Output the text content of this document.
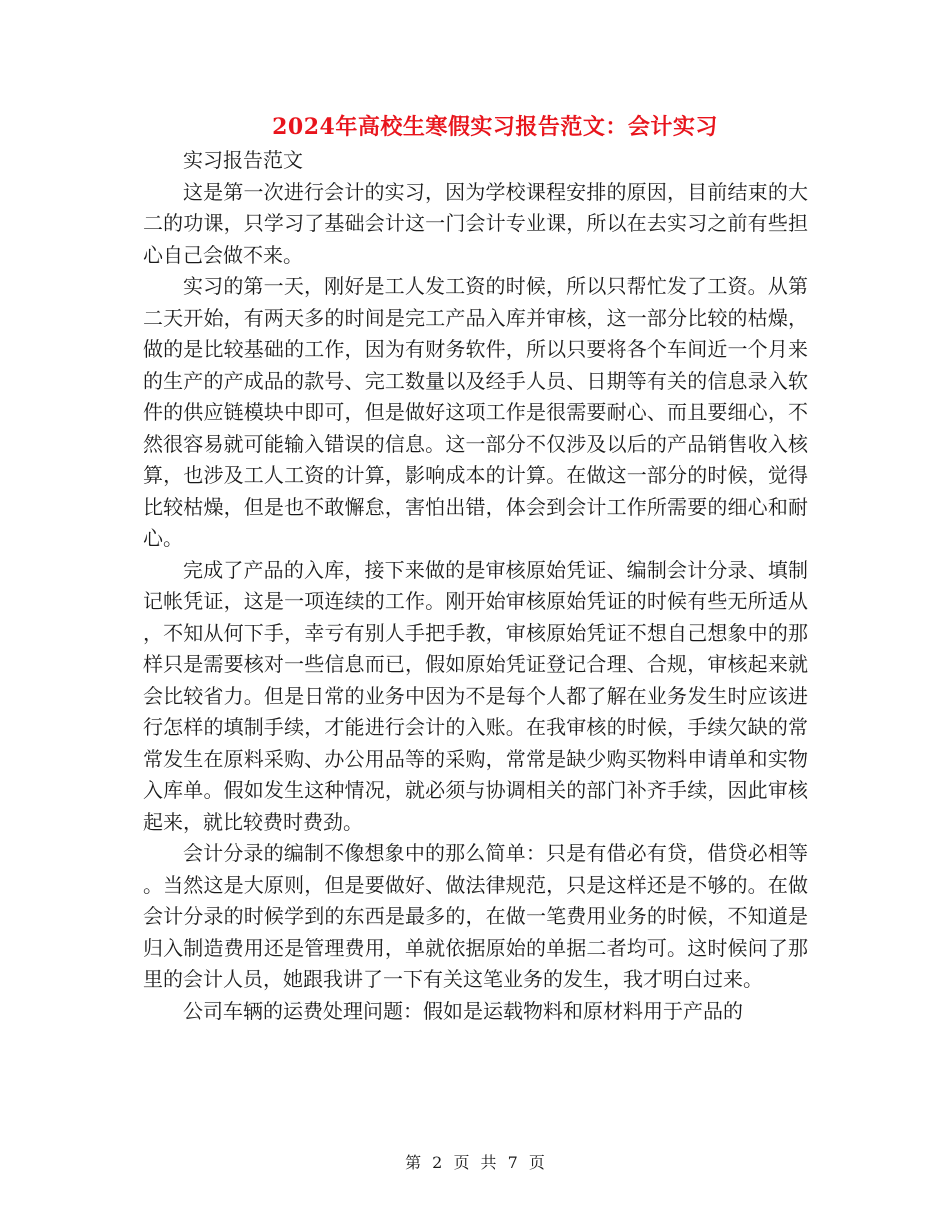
2024年高校生寒假实习报告范文：会计实习

实习报告范文

这是第一次进行会计的实习，因为学校课程安排的原因，目前结束的大二的功课，只学习了基础会计这一门会计专业课，所以在去实习之前有些担心自己会做不来。

实习的第一天，刚好是工人发工资的时候，所以只帮忙发了工资。从第二天开始，有两天多的时间是完工产品入库并审核，这一部分比较的枯燥，做的是比较基础的工作，因为有财务软件，所以只要将各个车间近一个月来的生产的产成品的款号、完工数量以及经手人员、日期等有关的信息录入软件的供应链模块中即可，但是做好这项工作是很需要耐心、而且要细心，不然很容易就可能输入错误的信息。这一部分不仅涉及以后的产品销售收入核算，也涉及工人工资的计算，影响成本的计算。在做这一部分的时候，觉得比较枯燥，但是也不敢懈怠，害怕出错，体会到会计工作所需要的细心和耐心。

完成了产品的入库，接下来做的是审核原始凭证、编制会计分录、填制记帐凭证，这是一项连续的工作。刚开始审核原始凭证的时候有些无所适从，不知从何下手，幸亏有别人手把手教，审核原始凭证不想自己想象中的那样只是需要核对一些信息而已，假如原始凭证登记合理、合规，审核起来就会比较省力。但是日常的业务中因为不是每个人都了解在业务发生时应该进行怎样的填制手续，才能进行会计的入账。在我审核的时候，手续欠缺的常常发生在原料采购、办公用品等的采购，常常是缺少购买物料申请单和实物入库单。假如发生这种情况，就必须与协调相关的部门补齐手续，因此审核起来，就比较费时费劲。

会计分录的编制不像想象中的那么简单：只是有借必有贷，借贷必相等。当然这是大原则，但是要做好、做法律规范，只是这样还是不够的。在做会计分录的时候学到的东西是最多的，在做一笔费用业务的时候，不知道是归入制造费用还是管理费用，单就依据原始的单据二者均可。这时候问了那里的会计人员，她跟我讲了一下有关这笔业务的发生，我才明白过来。

公司车辆的运费处理问题：假如是运载物料和原材料用于产品的

第 2 页 共 7 页
